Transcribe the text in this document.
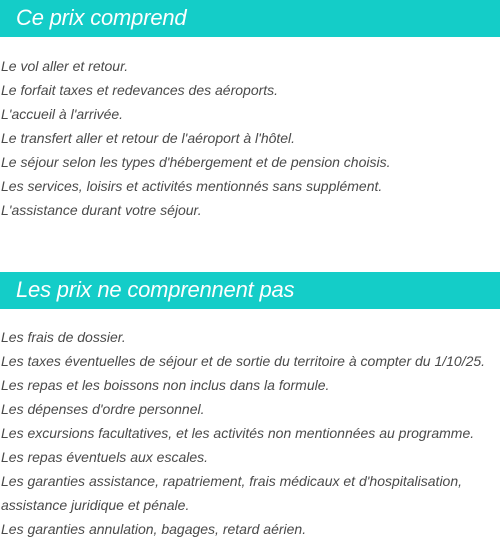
Ce prix comprend
Le vol aller et retour.
Le forfait taxes et redevances des aéroports.
L'accueil à l'arrivée.
Le transfert aller et retour de l'aéroport à l'hôtel.
Le séjour selon les types d'hébergement et de pension choisis.
Les services, loisirs et activités mentionnés sans supplément.
L'assistance durant votre séjour.
Les prix ne comprennent pas
Les frais de dossier.
Les taxes éventuelles de séjour et de sortie du territoire à compter du 1/10/25.
Les repas et les boissons non inclus dans la formule.
Les dépenses d'ordre personnel.
Les excursions facultatives, et les activités non mentionnées au programme.
Les repas éventuels aux escales.
Les garanties assistance, rapatriement, frais médicaux et d'hospitalisation, assistance juridique et pénale.
Les garanties annulation, bagages, retard aérien.
